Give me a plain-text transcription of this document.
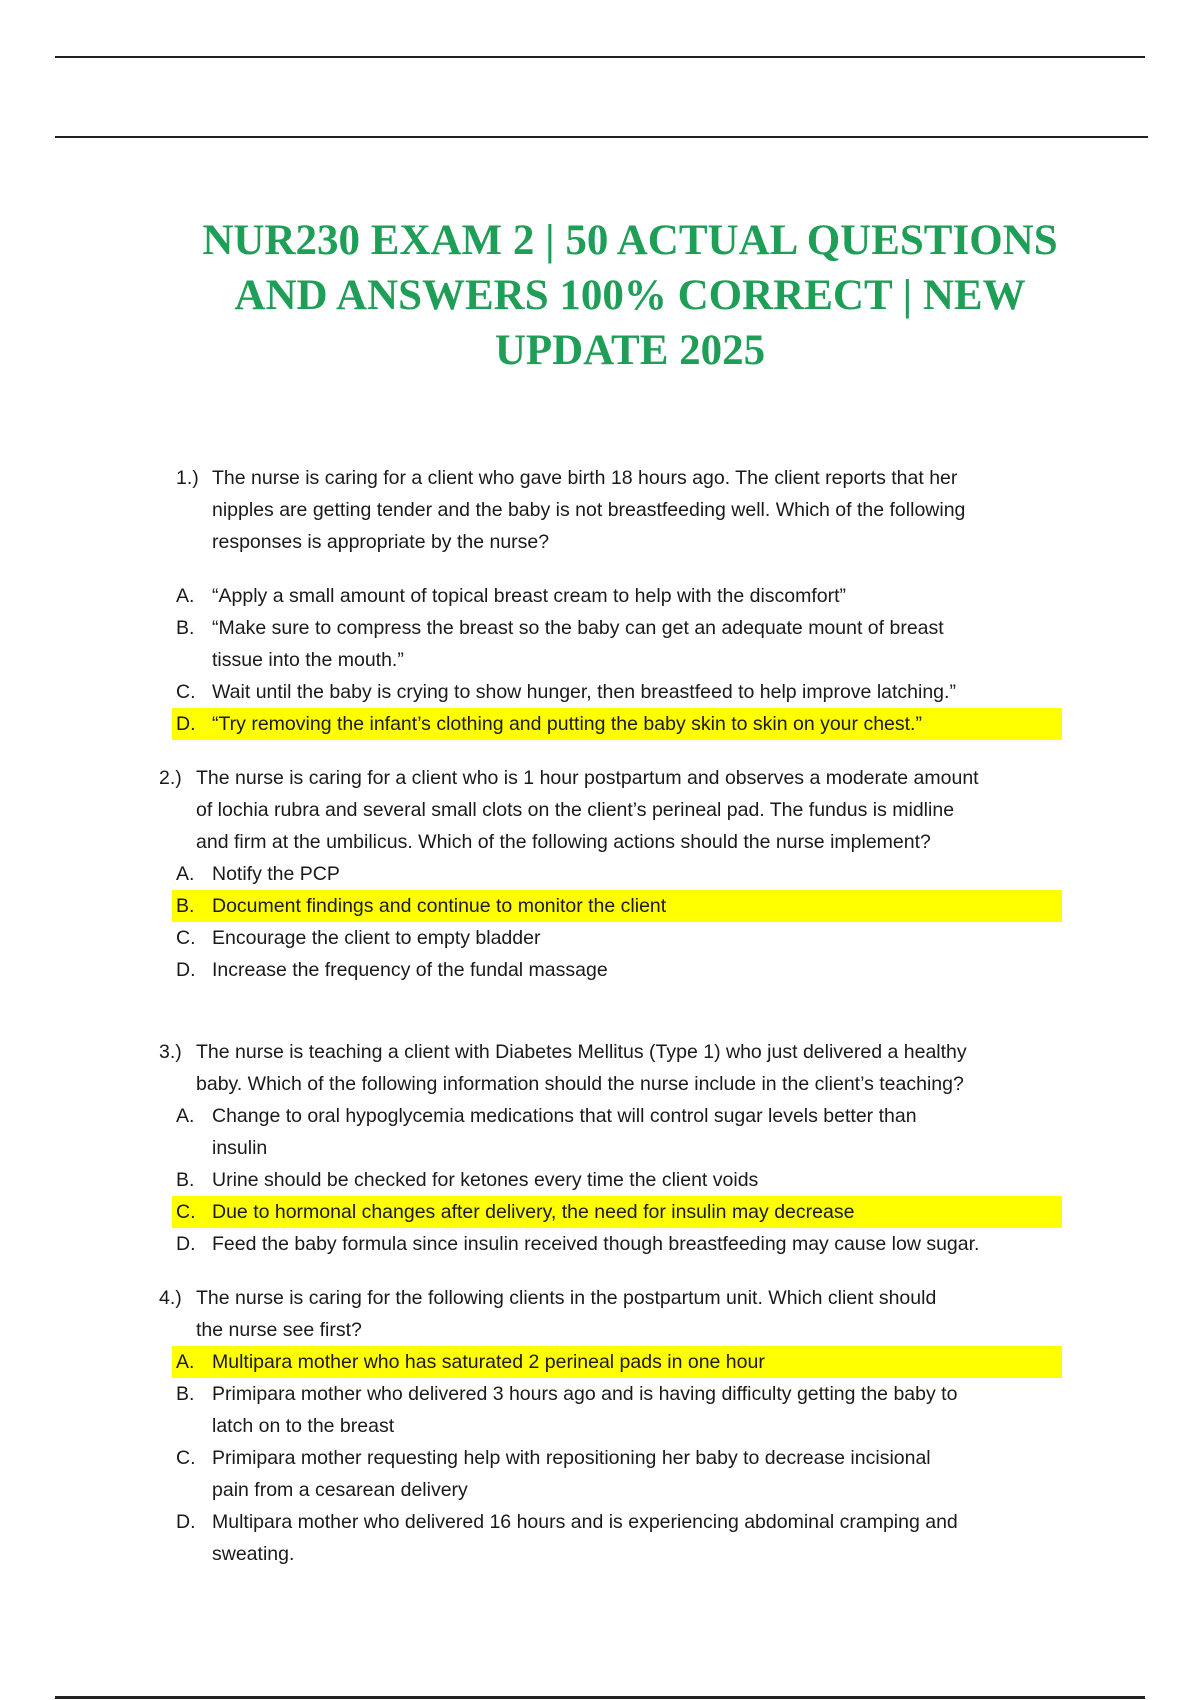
NUR230 EXAM 2 | 50 ACTUAL QUESTIONS
AND ANSWERS 100% CORRECT | NEW
UPDATE 2025

1.) The nurse is caring for a client who gave birth 18 hours ago. The client reports that her
nipples are getting tender and the baby is not breastfeeding well. Which of the following
responses is appropriate by the nurse?

A. “Apply a small amount of topical breast cream to help with the discomfort”
B. “Make sure to compress the breast so the baby can get an adequate mount of breast
tissue into the mouth.”
C. Wait until the baby is crying to show hunger, then breastfeed to help improve latching.”
D. “Try removing the infant’s clothing and putting the baby skin to skin on your chest.”

2.) The nurse is caring for a client who is 1 hour postpartum and observes a moderate amount
of lochia rubra and several small clots on the client’s perineal pad. The fundus is midline
and firm at the umbilicus. Which of the following actions should the nurse implement?

A. Notify the PCP
B. Document findings and continue to monitor the client
C. Encourage the client to empty bladder
D. Increase the frequency of the fundal massage

3.) The nurse is teaching a client with Diabetes Mellitus (Type 1) who just delivered a healthy
baby. Which of the following information should the nurse include in the client’s teaching?

A. Change to oral hypoglycemia medications that will control sugar levels better than
insulin
B. Urine should be checked for ketones every time the client voids
C. Due to hormonal changes after delivery, the need for insulin may decrease
D. Feed the baby formula since insulin received though breastfeeding may cause low sugar.

4.) The nurse is caring for the following clients in the postpartum unit. Which client should
the nurse see first?

A. Multipara mother who has saturated 2 perineal pads in one hour
B. Primipara mother who delivered 3 hours ago and is having difficulty getting the baby to
latch on to the breast
C. Primipara mother requesting help with repositioning her baby to decrease incisional
pain from a cesarean delivery
D. Multipara mother who delivered 16 hours and is experiencing abdominal cramping and
sweating.
